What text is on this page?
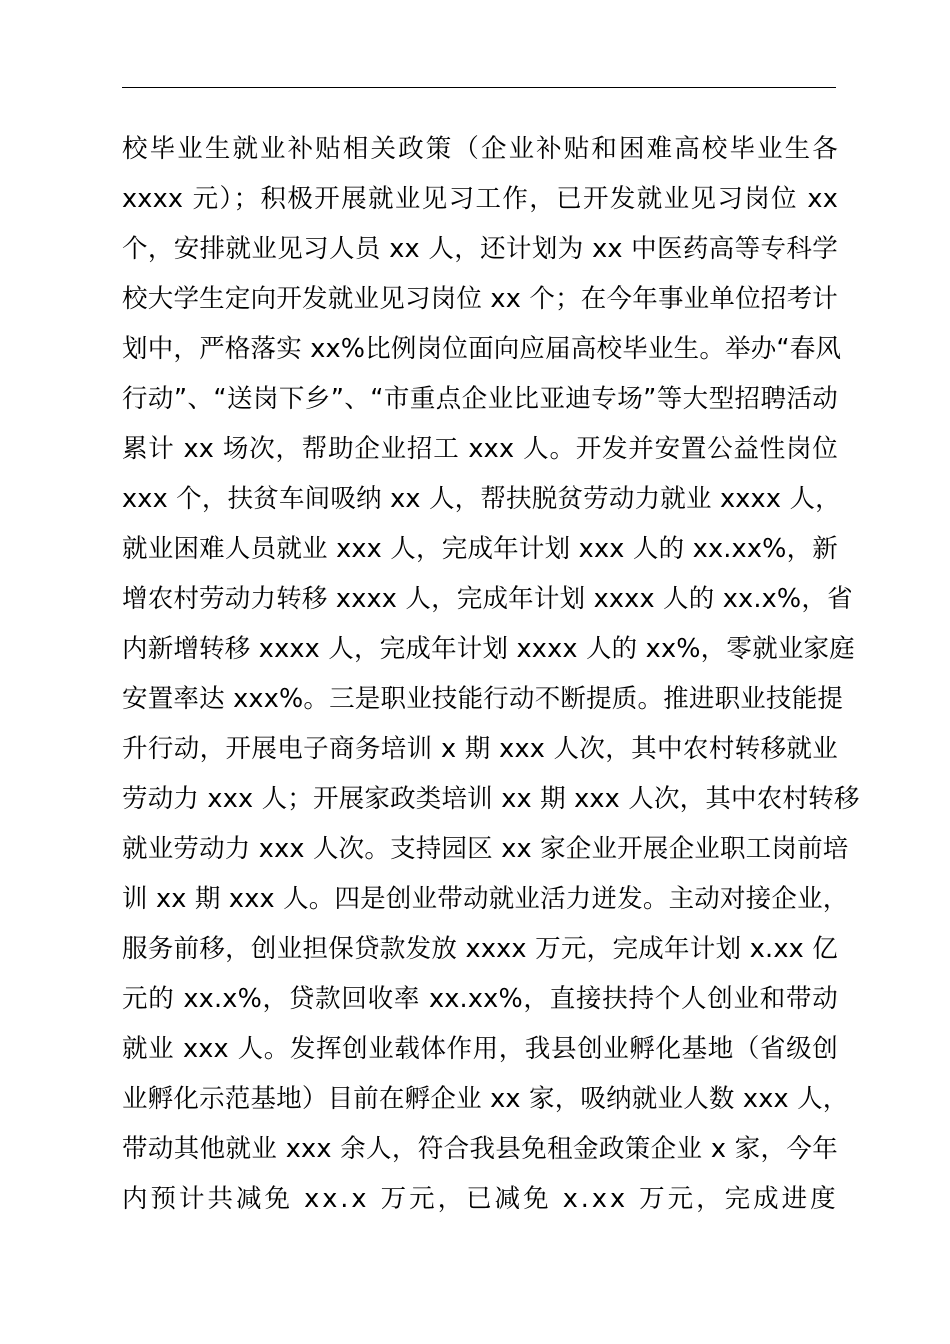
校毕业生就业补贴相关政策（企业补贴和困难高校毕业生各
xxxx 元）；积极开展就业见习工作，已开发就业见习岗位 xx
个，安排就业见习人员 xx 人，还计划为 xx 中医药高等专科学
校大学生定向开发就业见习岗位 xx 个；在今年事业单位招考计
划中，严格落实 xx%比例岗位面向应届高校毕业生。举办“春风
行动”、“送岗下乡”、“市重点企业比亚迪专场”等大型招聘活动
累计 xx 场次，帮助企业招工 xxx 人。开发并安置公益性岗位
xxx 个，扶贫车间吸纳 xx 人，帮扶脱贫劳动力就业 xxxx 人，
就业困难人员就业 xxx 人，完成年计划 xxx 人的 xx.xx%，新
增农村劳动力转移 xxxx 人，完成年计划 xxxx 人的 xx.x%，省
内新增转移 xxxx 人，完成年计划 xxxx 人的 xx%，零就业家庭
安置率达 xxx%。三是职业技能行动不断提质。推进职业技能提
升行动，开展电子商务培训 x 期 xxx 人次，其中农村转移就业
劳动力 xxx 人；开展家政类培训 xx 期 xxx 人次，其中农村转移
就业劳动力 xxx 人次。支持园区 xx 家企业开展企业职工岗前培
训 xx 期 xxx 人。四是创业带动就业活力迸发。主动对接企业，
服务前移，创业担保贷款发放 xxxx 万元，完成年计划 x.xx 亿
元的 xx.x%，贷款回收率 xx.xx%，直接扶持个人创业和带动
就业 xxx 人。发挥创业载体作用，我县创业孵化基地（省级创
业孵化示范基地）目前在孵企业 xx 家，吸纳就业人数 xxx 人，
带动其他就业 xxx 余人，符合我县免租金政策企业 x 家，今年
内预计共减免 xx.x 万元，已减免 x.xx 万元，完成进度
